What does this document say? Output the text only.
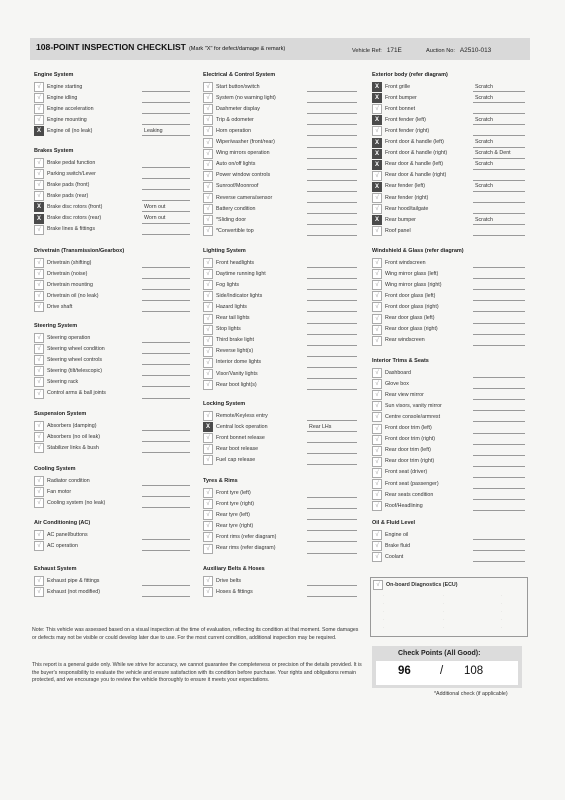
108-POINT INSPECTION CHECKLIST (Mark "X" for defect/damage & remark)	Vehicle Ref: 171E	Auction No: A2510-013
Engine System
√	Engine starting
√	Engine idling
√	Engine acceleration
√	Engine mounting
X	Engine oil (no leak)	Leaking
Brakes System
√	Brake pedal function
√	Parking switch/Lever
√	Brake pads (front)
√	Brake pads (rear)
X	Brake disc rotors (front)	Worn out
X	Brake disc rotors (rear)	Worn out
√	Brake lines & fittings
Drivetrain (Transmission/Gearbox)
√	Drivetrain (shifting)
√	Drivetrain (noise)
√	Drivetrain mounting
√	Drivetrain oil (no leak)
√	Drive shaft
Steering System
√	Steering operation
√	Steering wheel condition
√	Steering wheel controls
√	Steering (tilt/telescopic)
√	Steering rack
√	Control arms & ball joints
Suspension System
√	Absorbers (damping)
√	Absorbers (no oil leak)
√	Stabilizer links & bush
Cooling System
√	Radiator condition
√	Fan motor
√	Cooling system (no leak)
Air Conditioning (AC)
√	AC panel/buttons
√	AC operation
Exhaust System
√	Exhaust pipe & fittings
√	Exhaust (not modified)
Electrical & Control System
√	Start button/switch
√	System (no warning light)
√	Dashmeter display
√	Trip & odometer
√	Horn operation
√	Wiper/washer (front/rear)
√	Wing mirrors operation
√	Auto on/off lights
√	Power window controls
√	Sunroof/Moonroof
√	Reverse camera/sensor
√	Battery condition
√	*Sliding door
√	*Convertible top
Lighting System
√	Front headlights
√	Daytime running light
√	Fog lights
√	Side/Indicator lights
√	Hazard lights
√	Rear tail lights
√	Stop lights
√	Third brake light
√	Reverse light(s)
√	Interior dome lights
√	Visor/Vanity lights
√	Rear boot light(s)
Locking System
√	Remote/Keyless entry
X	Central lock operation	Rear LHs
√	Front bonnet release
√	Rear boot release
√	Fuel cap release
Tyres & Rims
√	Front tyre (left)
√	Front tyre (right)
√	Rear tyre (left)
√	Rear tyre (right)
√	Front rims (refer diagram)
√	Rear rims (refer diagram)
Auxiliary Belts & Hoses
√	Drive belts
√	Hoses & fittings
Exterior body (refer diagram)
X	Front grille	Scratch
X	Front bumper	Scratch
√	Front bonnet
X	Front fender (left)	Scratch
√	Front fender (right)
X	Front door & handle (left)	Scratch
X	Front door & handle (right)	Scratch & Dent
X	Rear door & handle (left)	Scratch
√	Rear door & handle (right)
X	Rear fender (left)	Scratch
√	Rear fender (right)
√	Rear hood/tailgate
X	Rear bumper	Scratch
√	Roof panel
Windshield & Glass (refer diagram)
√	Front windscreen
√	Wing mirror glass (left)
√	Wing mirror glass (right)
√	Front door glass (left)
√	Front door glass (right)
√	Rear door glass (left)
√	Rear door glass (right)
√	Rear windscreen
Interior Trims & Seats
√	Dashboard
√	Glove box
√	Rear view mirror
√	Sun visors, vanity mirror
√	Centre console/armrest
√	Front door trim (left)
√	Front door trim (right)
√	Rear door trim (left)
√	Rear door trim (right)
√	Front seat (driver)
√	Front seat (passenger)
√	Rear seats condition
√	Roof/Headlining
Oil & Fluid Level
√	Engine oil
√	Brake fluid
√	Coolant
√	On-board Diagnostics (ECU)
·
·
·
·
·
·
·
·
·
·
·
·
·
·
·
Note: This vehicle was assessed based on a visual inspection at the time of evaluation, reflecting its condition at that moment. Some damages or defects may not be visible or could develop later due to use. For the most current condition, additional inspection may be required.
This report is a general guide only. While we strive for accuracy, we cannot guarantee the completeness or precision of the details provided. It is the buyer's responsibility to evaluate the vehicle and ensure satisfaction with its condition before purchase. Your rights and obligations remain protected, and we encourage you to review the vehicle thoroughly to ensure it meets your expectations.
Check Points (All Good):
96	/ 108
*Additional check (if applicable)
